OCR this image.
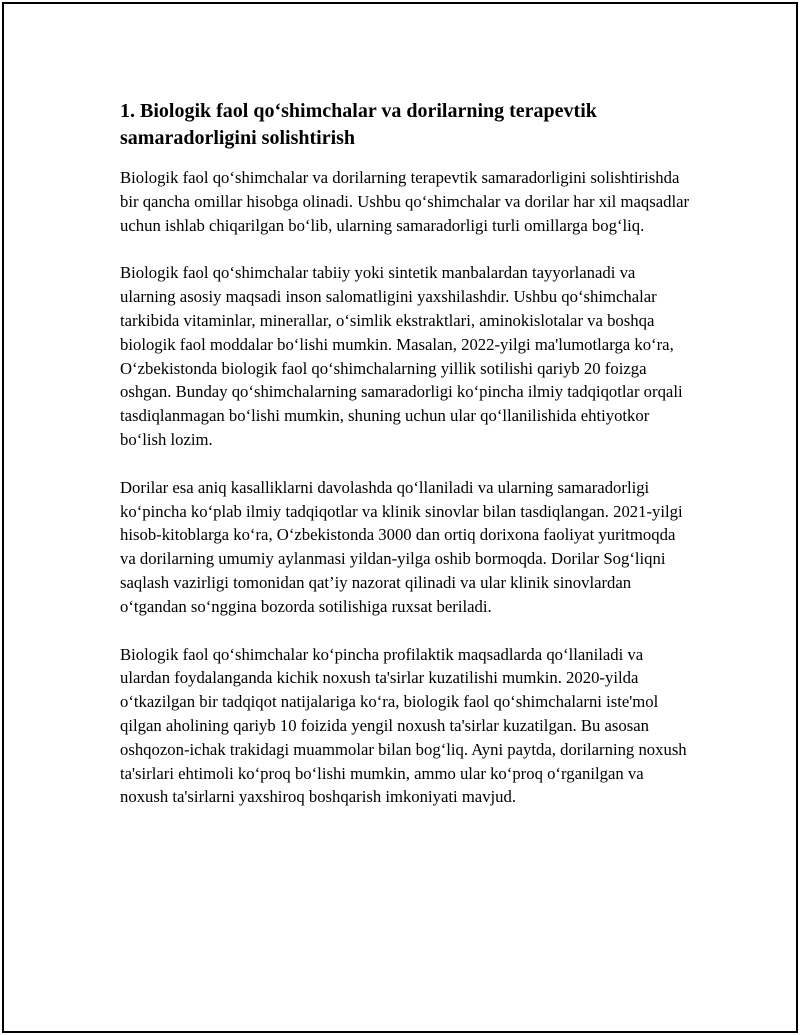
1. Biologik faol qo‘shimchalar va dorilarning terapevtik samaradorligini solishtirish

Biologik faol qo‘shimchalar va dorilarning terapevtik samaradorligini solishtirishda bir qancha omillar hisobga olinadi. Ushbu qo‘shimchalar va dorilar har xil maqsadlar uchun ishlab chiqarilgan bo‘lib, ularning samaradorligi turli omillarga bog‘liq.

Biologik faol qo‘shimchalar tabiiy yoki sintetik manbalardan tayyorlanadi va ularning asosiy maqsadi inson salomatligini yaxshilashdir. Ushbu qo‘shimchalar tarkibida vitaminlar, minerallar, o‘simlik ekstraktlari, aminokislotalar va boshqa biologik faol moddalar bo‘lishi mumkin. Masalan, 2022-yilgi ma'lumotlarga ko‘ra, O‘zbekistonda biologik faol qo‘shimchalarning yillik sotilishi qariyb 20 foizga oshgan. Bunday qo‘shimchalarning samaradorligi ko‘pincha ilmiy tadqiqotlar orqali tasdiqlanmagan bo‘lishi mumkin, shuning uchun ular qo‘llanilishida ehtiyotkor bo‘lish lozim.

Dorilar esa aniq kasalliklarni davolashda qo‘llaniladi va ularning samaradorligi ko‘pincha ko‘plab ilmiy tadqiqotlar va klinik sinovlar bilan tasdiqlangan. 2021-yilgi hisob-kitoblarga ko‘ra, O‘zbekistonda 3000 dan ortiq dorixona faoliyat yuritmoqda va dorilarning umumiy aylanmasi yildan-yilga oshib bormoqda. Dorilar Sog‘liqni saqlash vazirligi tomonidan qat’iy nazorat qilinadi va ular klinik sinovlardan o‘tgandan so‘nggina bozorda sotilishiga ruxsat beriladi.

Biologik faol qo‘shimchalar ko‘pincha profilaktik maqsadlarda qo‘llaniladi va ulardan foydalanganda kichik noxush ta'sirlar kuzatilishi mumkin. 2020-yilda o‘tkazilgan bir tadqiqot natijalariga ko‘ra, biologik faol qo‘shimchalarni iste'mol qilgan aholining qariyb 10 foizida yengil noxush ta'sirlar kuzatilgan. Bu asosan oshqozon-ichak trakidagi muammolar bilan bog‘liq. Ayni paytda, dorilarning noxush ta'sirlari ehtimoli ko‘proq bo‘lishi mumkin, ammo ular ko‘proq o‘rganilgan va noxush ta'sirlarni yaxshiroq boshqarish imkoniyati mavjud.
